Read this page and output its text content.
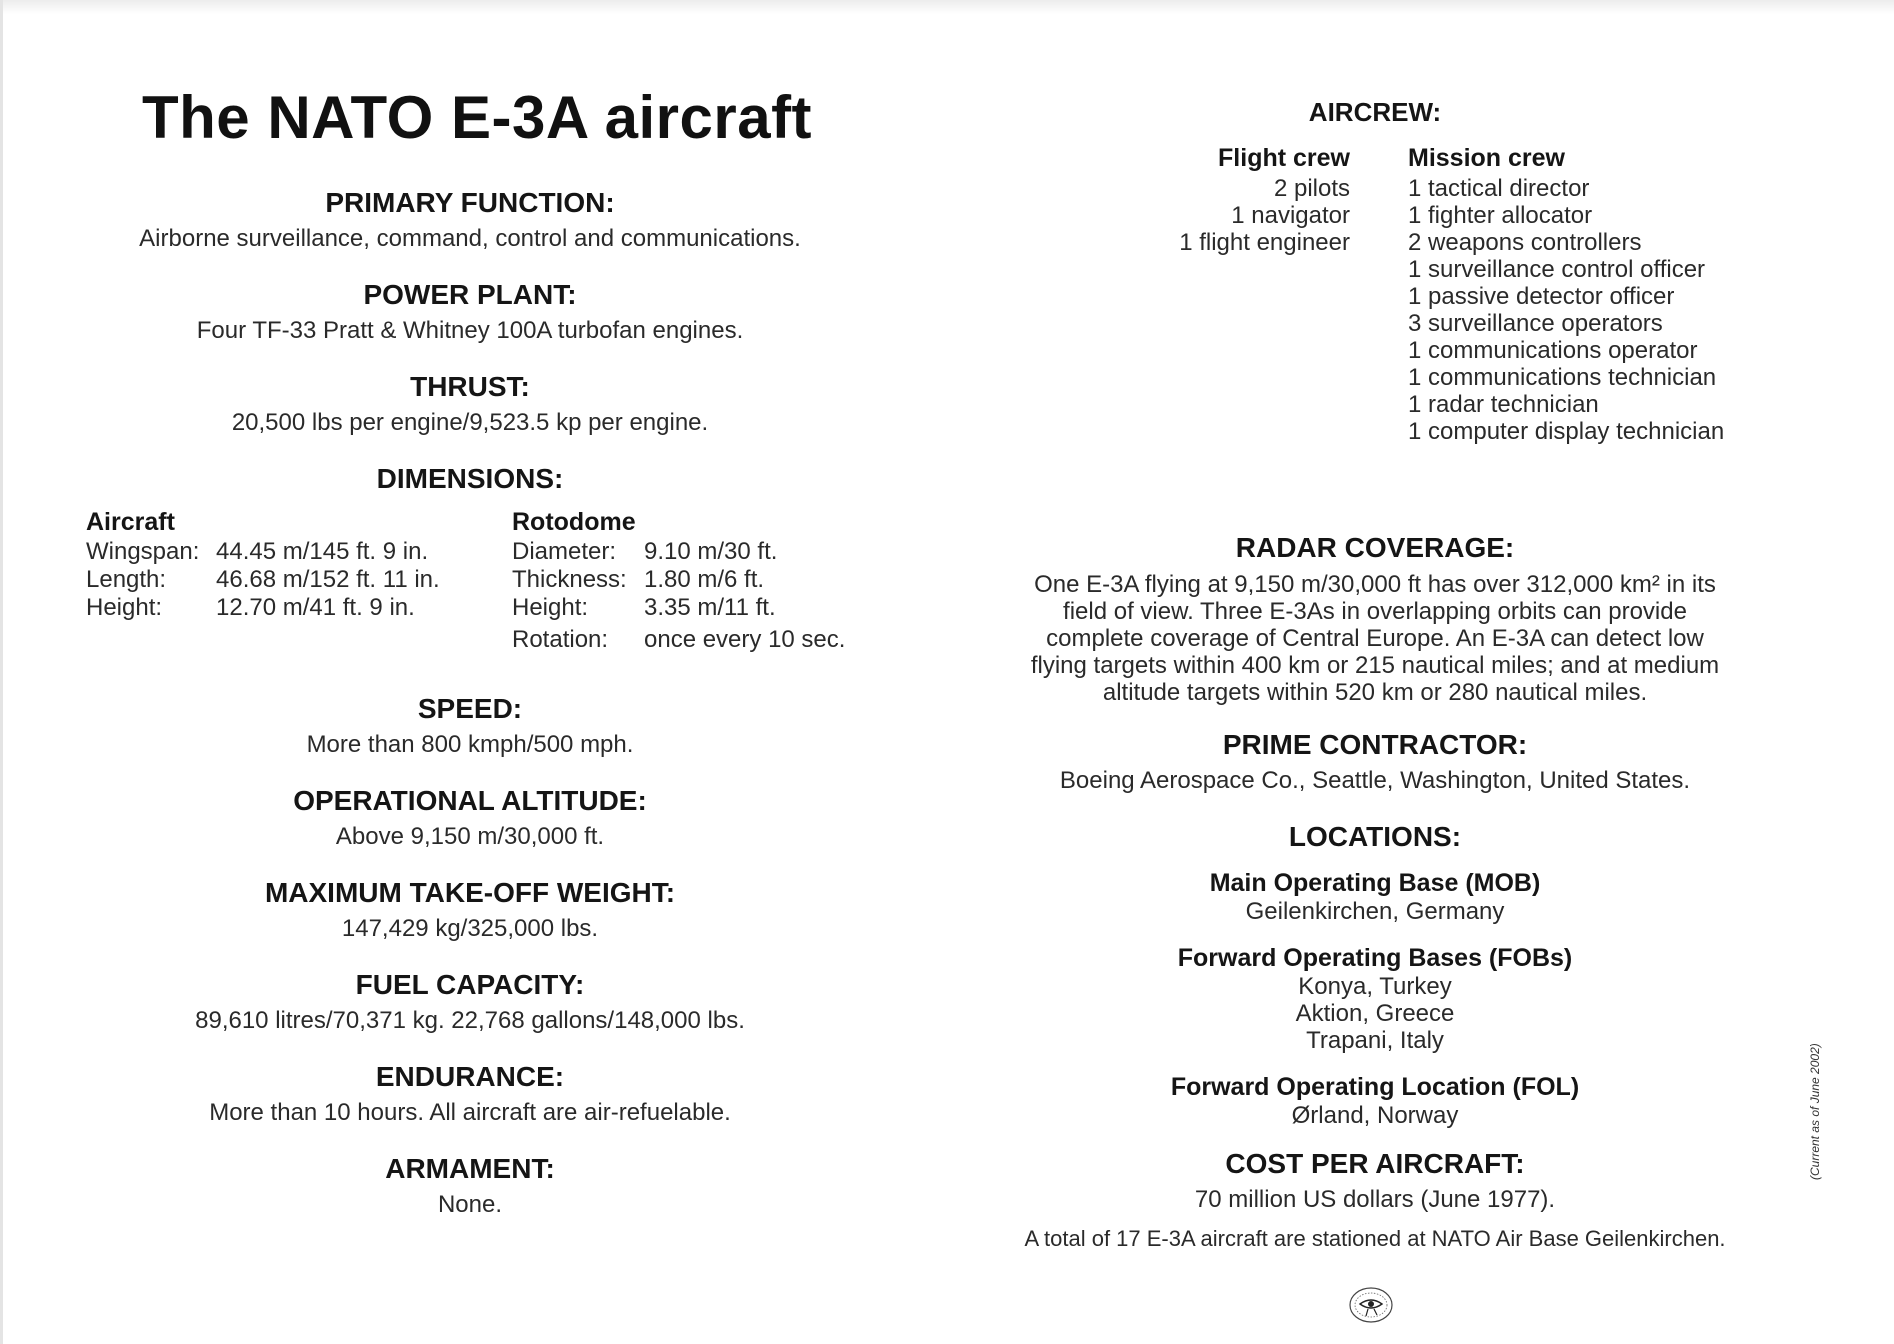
The NATO E-3A aircraft
PRIMARY FUNCTION:
Airborne surveillance, command, control and communications.
POWER PLANT:
Four TF-33 Pratt & Whitney 100A turbofan engines.
THRUST:
20,500 lbs per engine/9,523.5 kp per engine.
DIMENSIONS:
Aircraft
Wingspan: 44.45 m/145 ft. 9 in.
Length:	46.68 m/152 ft. 11 in.
Height:	12.70 m/41 ft. 9 in.
Rotodome
Diameter:	9.10 m/30 ft.
Thickness: 1.80 m/6 ft.
Height:	3.35 m/11 ft.
Rotation:	once every 10 sec.
SPEED:
More than 800 kmph/500 mph.
OPERATIONAL ALTITUDE:
Above 9,150 m/30,000 ft.
MAXIMUM TAKE-OFF WEIGHT:
147,429 kg/325,000 lbs.
FUEL CAPACITY:
89,610 litres/70,371 kg. 22,768 gallons/148,000 lbs.
ENDURANCE:
More than 10 hours. All aircraft are air-refuelable.
ARMAMENT:
None.
AIRCREW:
Flight crew
2 pilots
1 navigator
1 flight engineer
Mission crew
1 tactical director
1 fighter allocator
2 weapons controllers
1 surveillance control officer
1 passive detector officer
3 surveillance operators
1 communications operator
1 communications technician
1 radar technician
1 computer display technician
RADAR COVERAGE:
One E-3A flying at 9,150 m/30,000 ft has over 312,000 km² in its
field of view. Three E-3As in overlapping orbits can provide
complete coverage of Central Europe. An E-3A can detect low
flying targets within 400 km or 215 nautical miles; and at medium
altitude targets within 520 km or 280 nautical miles.
PRIME CONTRACTOR:
Boeing Aerospace Co., Seattle, Washington, United States.
LOCATIONS:
Main Operating Base (MOB)
Geilenkirchen, Germany
Forward Operating Bases (FOBs)
Konya, Turkey
Aktion, Greece
Trapani, Italy
Forward Operating Location (FOL)
Ørland, Norway
COST PER AIRCRAFT:
70 million US dollars (June 1977).
A total of 17 E-3A aircraft are stationed at NATO Air Base Geilenkirchen.
(Current as of June 2002)
